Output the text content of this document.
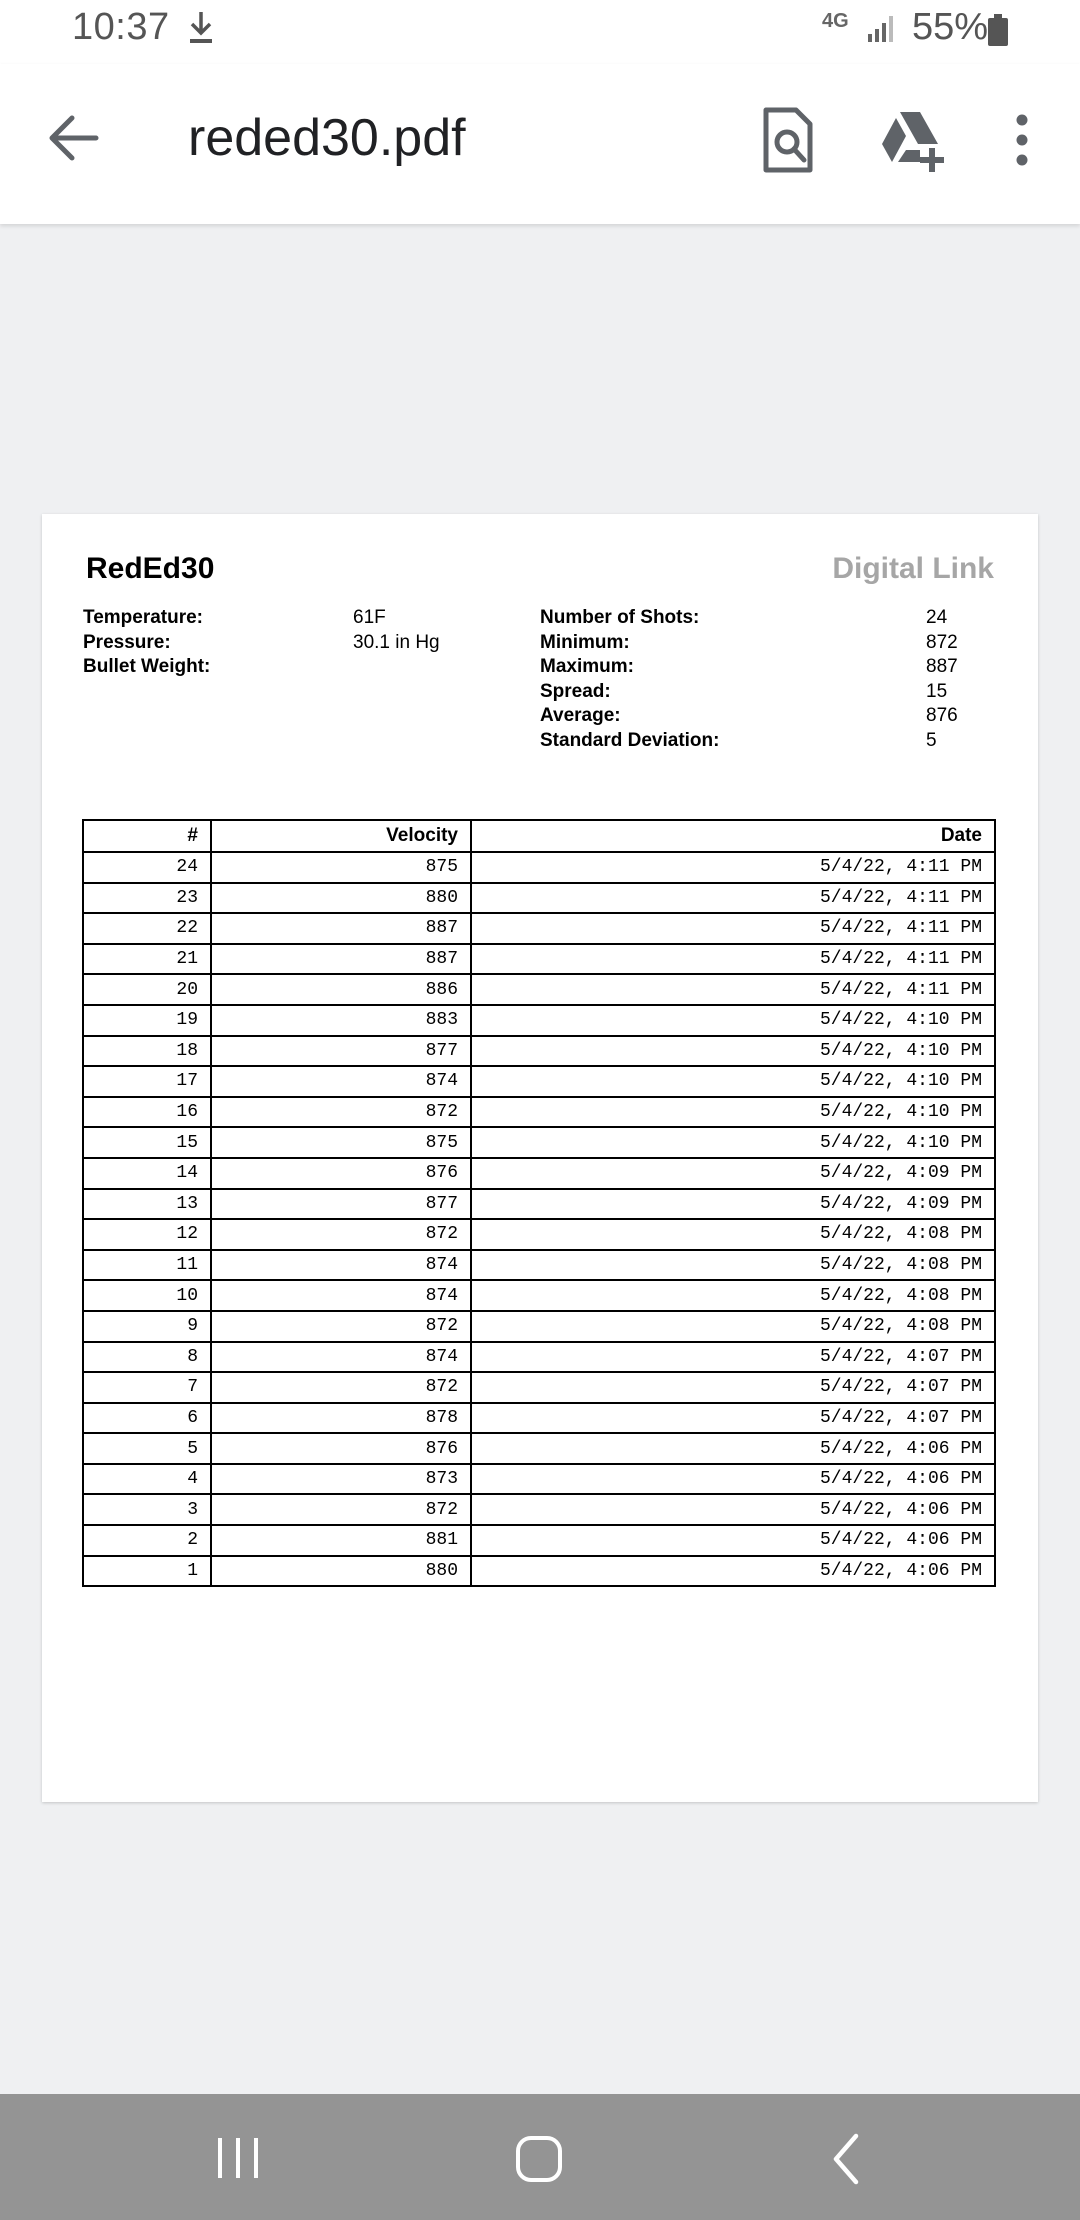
10:37	4G 55%
reded30.pdf
RedEd30	Digital Link
Temperature:	61F
Pressure:	30.1 in Hg
Bullet Weight:
Number of Shots:	24
Minimum:	872
Maximum:	887
Spread:	15
Average:	876
Standard Deviation:	5
#	Velocity	Date
24	875	5/4/22, 4:11 PM
23	880	5/4/22, 4:11 PM
22	887	5/4/22, 4:11 PM
21	887	5/4/22, 4:11 PM
20	886	5/4/22, 4:11 PM
19	883	5/4/22, 4:10 PM
18	877	5/4/22, 4:10 PM
17	874	5/4/22, 4:10 PM
16	872	5/4/22, 4:10 PM
15	875	5/4/22, 4:10 PM
14	876	5/4/22, 4:09 PM
13	877	5/4/22, 4:09 PM
12	872	5/4/22, 4:08 PM
11	874	5/4/22, 4:08 PM
10	874	5/4/22, 4:08 PM
9	872	5/4/22, 4:08 PM
8	874	5/4/22, 4:07 PM
7	872	5/4/22, 4:07 PM
6	878	5/4/22, 4:07 PM
5	876	5/4/22, 4:06 PM
4	873	5/4/22, 4:06 PM
3	872	5/4/22, 4:06 PM
2	881	5/4/22, 4:06 PM
1	880	5/4/22, 4:06 PM
